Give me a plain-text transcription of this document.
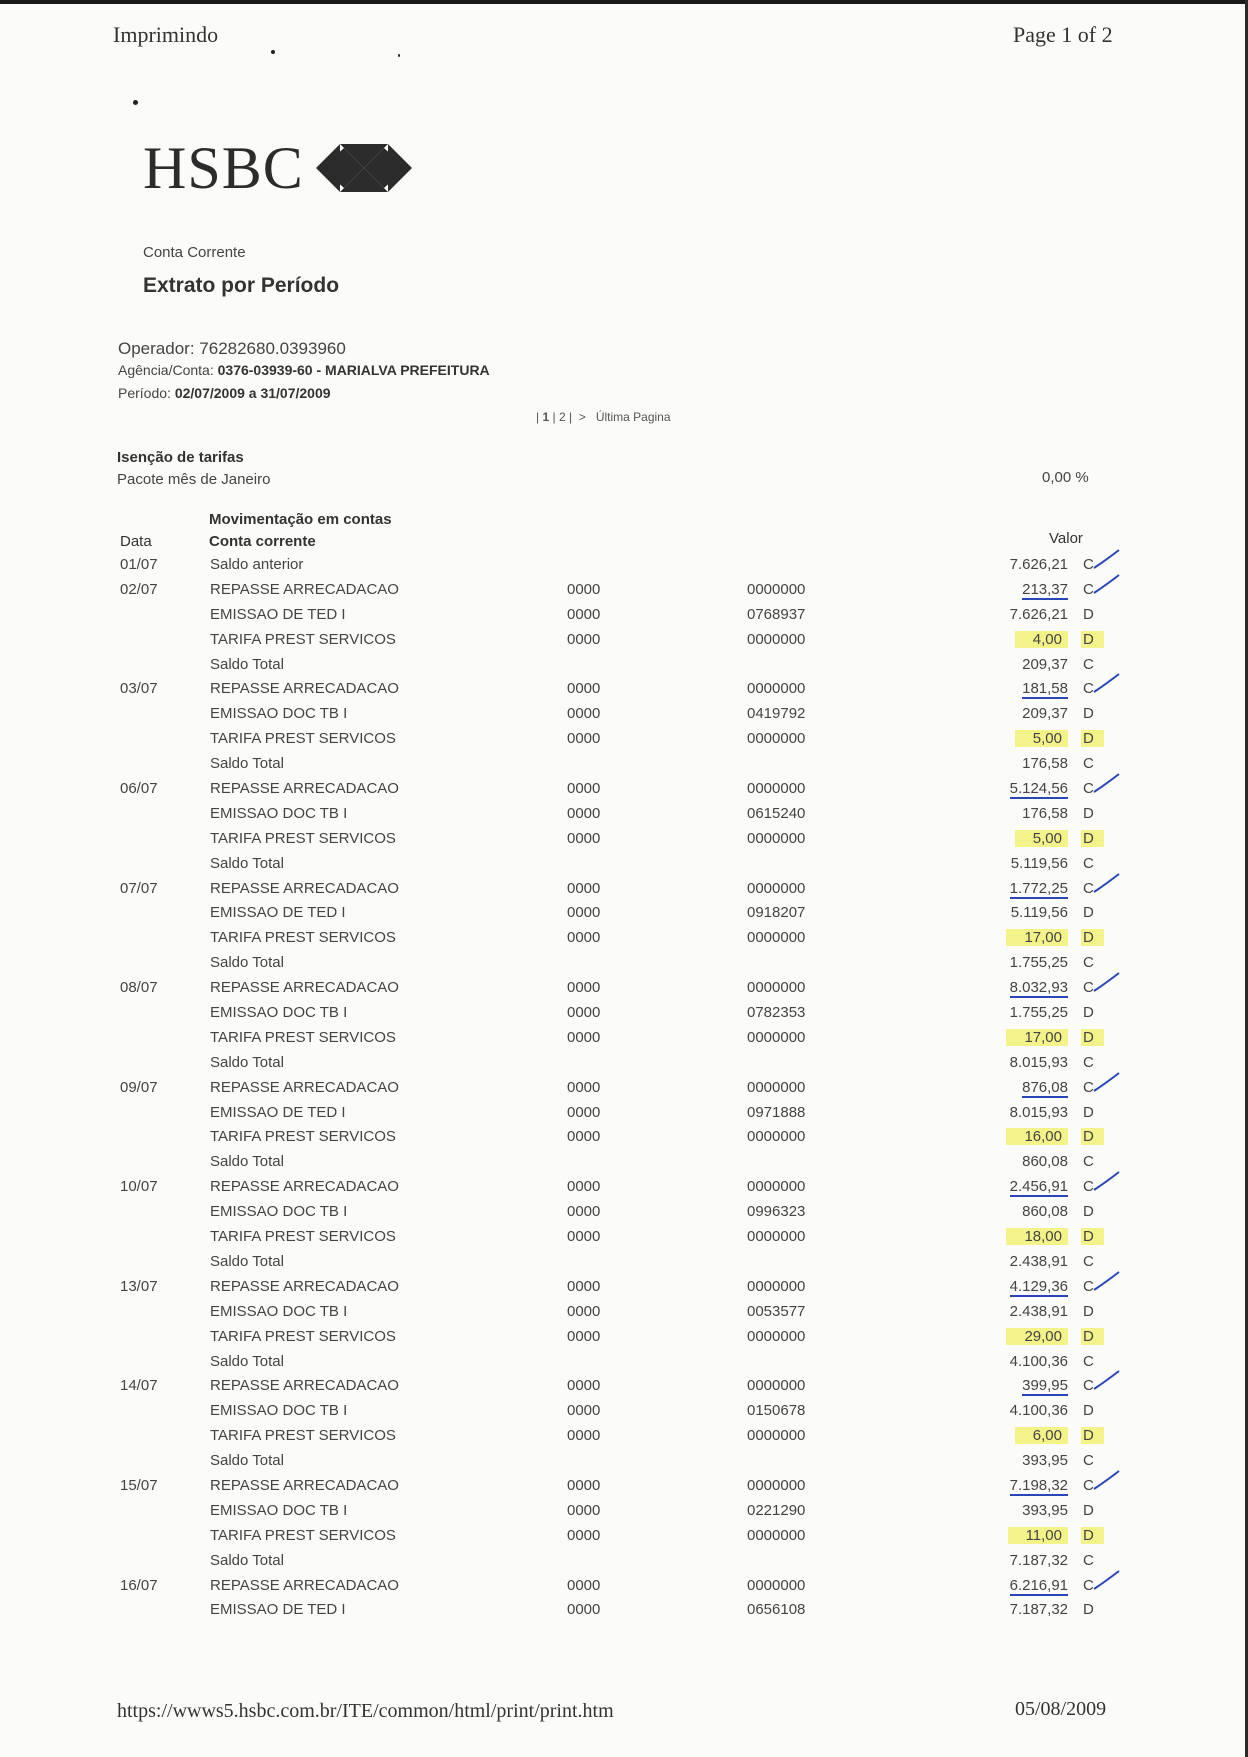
Imprimindo	Page 1 of 2
HSBC
Conta Corrente
Extrato por Período
Operador: 76282680.0393960
Agência/Conta: 0376-03939-60 - MARIALVA PREFEITURA
Período: 02/07/2009 a 31/07/2009
| 1 | 2 | > Última Pagina
Isenção de tarifas
Pacote mês de Janeiro	0,00 %
Movimentação em contas
Data	Conta corrente	Valor
01/07	Saldo anterior	7.626,21 C
02/07	REPASSE ARRECADACAO	0000	0000000	213,37 C
EMISSAO DE TED I	0000	0768937	7.626,21 D
TARIFA PREST SERVICOS	0000	0000000	4,00	D
Saldo Total	209,37 C
03/07	REPASSE ARRECADACAO	0000	0000000	181,58 C
EMISSAO DOC TB I	0000	0419792	209,37 D
TARIFA PREST SERVICOS	0000	0000000	5,00	D
Saldo Total	176,58 C
06/07	REPASSE ARRECADACAO	0000	0000000	5.124,56 C
EMISSAO DOC TB I	0000	0615240	176,58 D
TARIFA PREST SERVICOS	0000	0000000	5,00	D
Saldo Total	5.119,56 C
07/07	REPASSE ARRECADACAO	0000	0000000	1.772,25 C
EMISSAO DE TED I	0000	0918207	5.119,56 D
TARIFA PREST SERVICOS	0000	0000000	17,00	D
Saldo Total	1.755,25 C
08/07	REPASSE ARRECADACAO	0000	0000000	8.032,93 C
EMISSAO DOC TB I	0000	0782353	1.755,25 D
TARIFA PREST SERVICOS	0000	0000000	17,00	D
Saldo Total	8.015,93 C
09/07	REPASSE ARRECADACAO	0000	0000000	876,08 C
EMISSAO DE TED I	0000	0971888	8.015,93 D
TARIFA PREST SERVICOS	0000	0000000	16,00	D
Saldo Total	860,08 C
10/07	REPASSE ARRECADACAO	0000	0000000	2.456,91 C
EMISSAO DOC TB I	0000	0996323	860,08 D
TARIFA PREST SERVICOS	0000	0000000	18,00	D
Saldo Total	2.438,91 C
13/07	REPASSE ARRECADACAO	0000	0000000	4.129,36 C
EMISSAO DOC TB I	0000	0053577	2.438,91 D
TARIFA PREST SERVICOS	0000	0000000	29,00	D
Saldo Total	4.100,36 C
14/07	REPASSE ARRECADACAO	0000	0000000	399,95 C
EMISSAO DOC TB I	0000	0150678	4.100,36 D
TARIFA PREST SERVICOS	0000	0000000	6,00	D
Saldo Total	393,95 C
15/07	REPASSE ARRECADACAO	0000	0000000	7.198,32 C
EMISSAO DOC TB I	0000	0221290	393,95 D
TARIFA PREST SERVICOS	0000	0000000	11,00	D
Saldo Total	7.187,32 C
16/07	REPASSE ARRECADACAO	0000	0000000	6.216,91 C
EMISSAO DE TED I	0000	0656108	7.187,32 D
https://wwws5.hsbc.com.br/ITE/common/html/print/print.htm	05/08/2009
